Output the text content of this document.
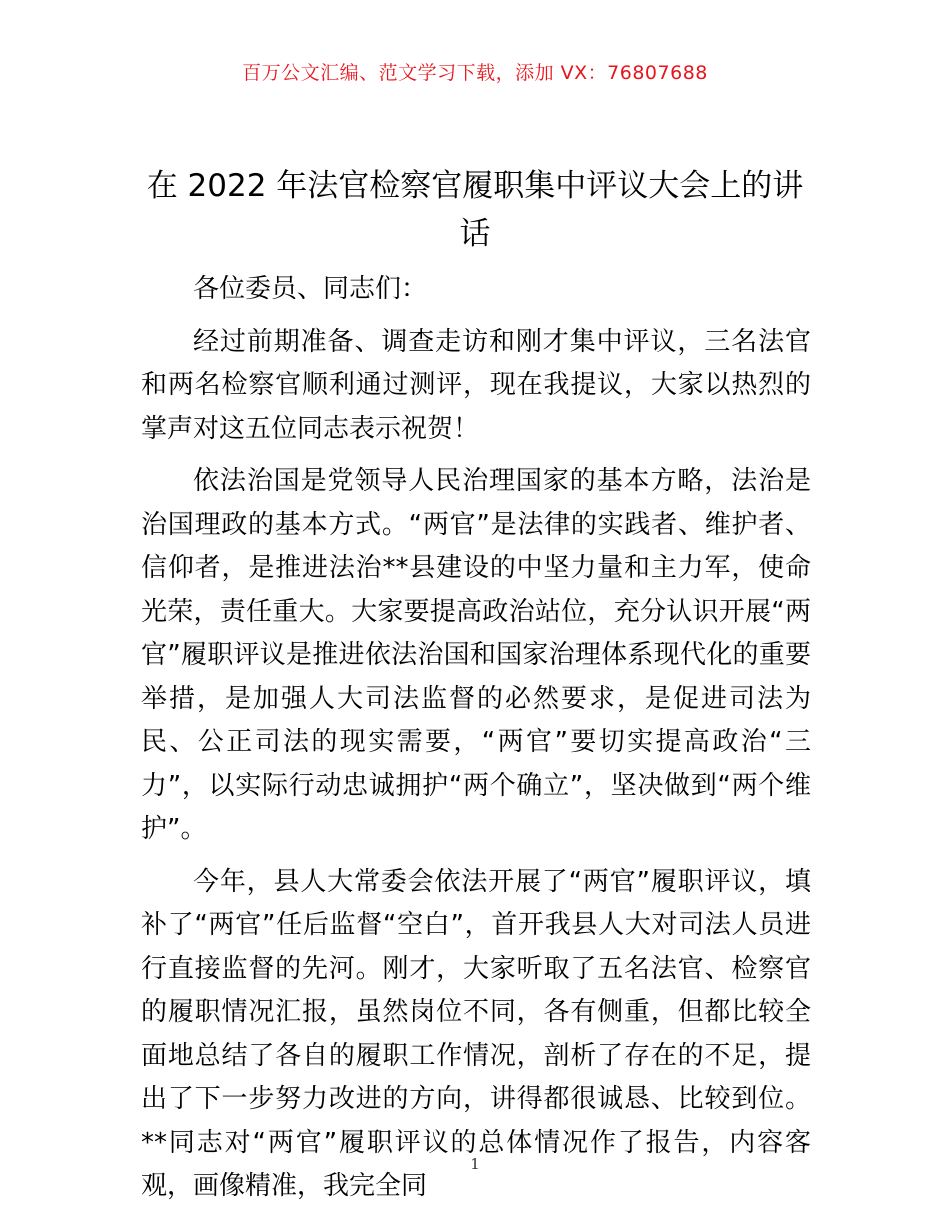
百万公文汇编、范文学习下载，添加 VX：76807688
在 2022 年法官检察官履职集中评议大会上的讲话

各位委员、同志们：

经过前期准备、调查走访和刚才集中评议，三名法官和两名检察官顺利通过测评，现在我提议，大家以热烈的掌声对这五位同志表示祝贺！

依法治国是党领导人民治理国家的基本方略，法治是治国理政的基本方式。“两官”是法律的实践者、维护者、信仰者，是推进法治**县建设的中坚力量和主力军，使命光荣，责任重大。大家要提高政治站位，充分认识开展“两官”履职评议是推进依法治国和国家治理体系现代化的重要举措，是加强人大司法监督的必然要求，是促进司法为民、公正司法的现实需要，“两官”要切实提高政治“三力”，以实际行动忠诚拥护“两个确立”，坚决做到“两个维护”。

今年，县人大常委会依法开展了“两官”履职评议，填补了“两官”任后监督“空白”，首开我县人大对司法人员进行直接监督的先河。刚才，大家听取了五名法官、检察官的履职情况汇报，虽然岗位不同，各有侧重，但都比较全面地总结了各自的履职工作情况，剖析了存在的不足，提出了下一步努力改进的方向，讲得都很诚恳、比较到位。**同志对“两官”履职评议的总体情况作了报告，内容客观，画像精准，我完全同

1
